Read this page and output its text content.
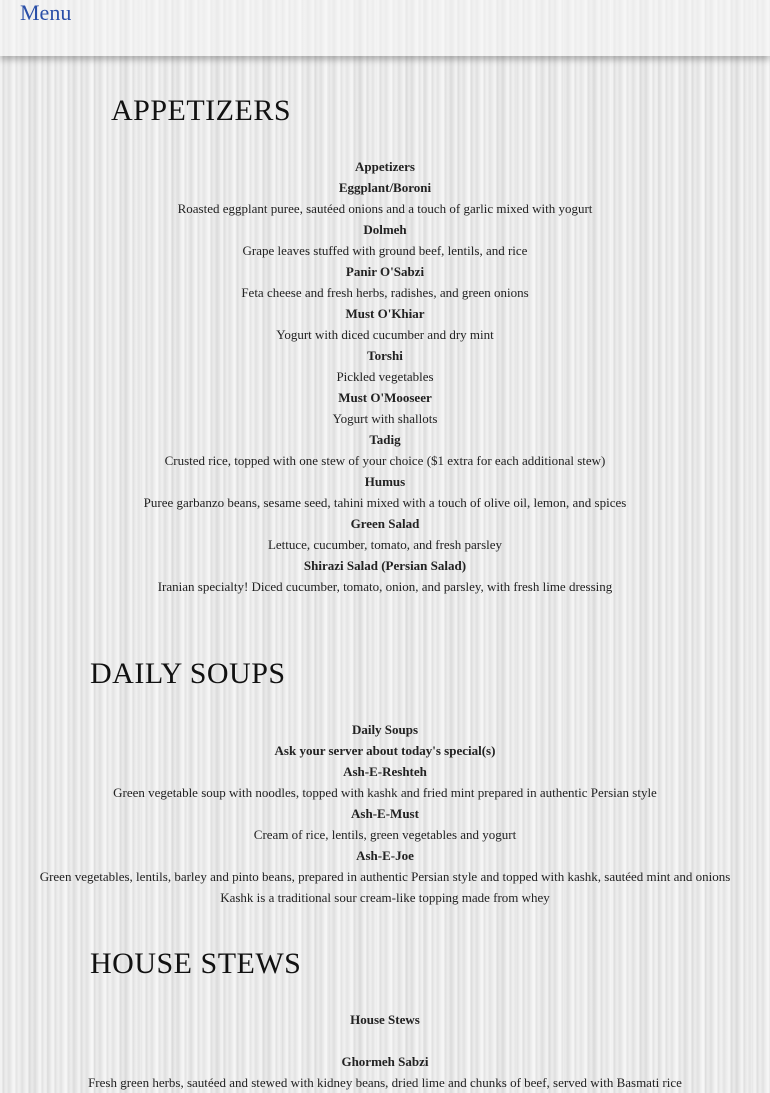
Menu
APPETIZERS
Appetizers
Eggplant/Boroni
Roasted eggplant puree, sautéed onions and a touch of garlic mixed with yogurt
Dolmeh
Grape leaves stuffed with ground beef, lentils, and rice
Panir O'Sabzi
Feta cheese and fresh herbs, radishes, and green onions
Must O'Khiar
Yogurt with diced cucumber and dry mint
Torshi
Pickled vegetables
Must O'Mooseer
Yogurt with shallots
Tadig
Crusted rice, topped with one stew of your choice ($1 extra for each additional stew)
Humus
Puree garbanzo beans, sesame seed, tahini mixed with a touch of olive oil, lemon, and spices
Green Salad
Lettuce, cucumber, tomato, and fresh parsley
Shirazi Salad (Persian Salad)
Iranian specialty! Diced cucumber, tomato, onion, and parsley, with fresh lime dressing
DAILY SOUPS
Daily Soups
Ask your server about today's special(s)
Ash-E-Reshteh
Green vegetable soup with noodles, topped with kashk and fried mint prepared in authentic Persian style
Ash-E-Must
Cream of rice, lentils, green vegetables and yogurt
Ash-E-Joe
Green vegetables, lentils, barley and pinto beans, prepared in authentic Persian style and topped with kashk, sautéed mint and onions
Kashk is a traditional sour cream-like topping made from whey
HOUSE STEWS
House Stews
Ghormeh Sabzi
Fresh green herbs, sautéed and stewed with kidney beans, dried lime and chunks of beef, served with Basmati rice
